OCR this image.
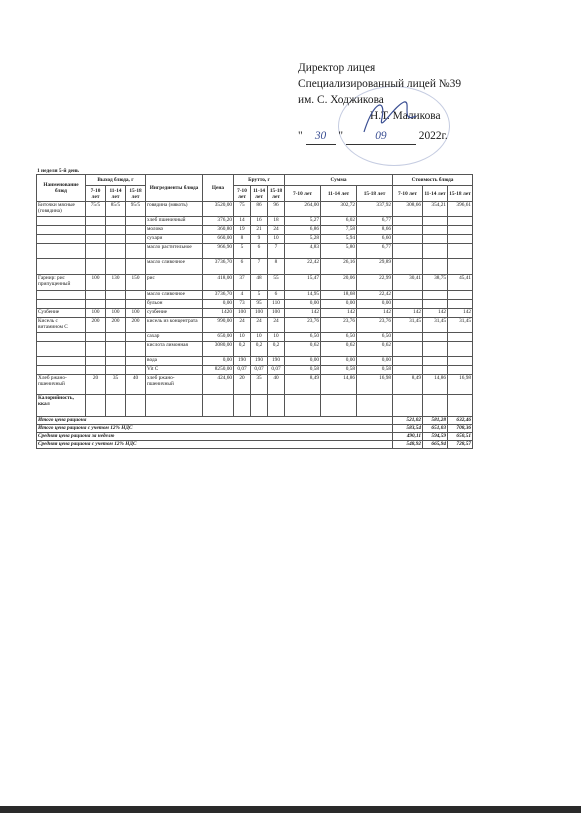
Директор лицея
Специализированный лицей №39
им. С. Ходжикова
Н.Т. Маликова
" 30 "	09	2022г.
1 неделя 5-й день
Наименование блюд	Выход блюда, г			Ингредиенты блюда	Цена	Брутто, г			Сумма			Стоимость блюда		
	7-10 лет	11-14 лет	15-18 лет			7-10 лет	11-14 лет	15-18 лет	7-10 лет	11-14 лет	15-18 лет	7-10 лет	11-14 лет	15-18 лет
Биточки мясные (говядина)	75/5	85/5	95/5	говядина (мякоть)	3520,00	75	86	96	264,00	302,72	337,92	308,66	354,21	396,61
				хлеб пшеничный	376,20	14	16	18	5,27	6,02	6,77			
				молоко	360,80	19	21	24	6,86	7,58	8,66			
				сухари	660,00	8	9	10	5,28	5,94	6,60			
				масло растительное	966,90	5	6	7	4,83	5,80	6,77			
				масло сливочное	3736,70	6	7	8	22,42	26,16	29,89			
Гарнир: рис припущенный	100	130	150	рис	418,00	37	48	55	15,47	20,06	22,99	30,41	38,75	45,41
				масло сливочное	3736,70	4	5	6	14,95	18,68	22,42			
				бульон	0,00	73	95	110	0,00	0,00	0,00			
Сузбение	100	100	100	сузбение	1420	100	100	100	142	142	142	142	142	142
Кисель с витамином С	200	200	200	кисель из концентрата	990,00	24	24	24	23,76	23,76	23,76	31,45	31,45	31,45
				сахар	650,00	10	10	10	6,50	6,50	6,50			
				кислота лимонная	3080,00	0,2	0,2	0,2	0,62	0,62	0,62			
				вода	0,00	190	190	190	0,00	0,00	0,00			
				Vit C	8250,00	0,07	0,07	0,07	0,58	0,58	0,58			
Хлеб ржано-пшеничный	20	35	40	хлеб ржано-пшеничный	424,60	20	35	40	8,49	14,86	16,98	8,49	14,86	16,98
Калорийность, ккал														
Итого цена рациона												521,02	581,28	632,46
Итого цена рациона с учетом 12% НДС												583,54	651,03	708,36
Средняя цена рациона за неделю												490,11	594,59	650,51
Средняя цена рациона с учетом 12% НДС												548,92	665,94	728,57
